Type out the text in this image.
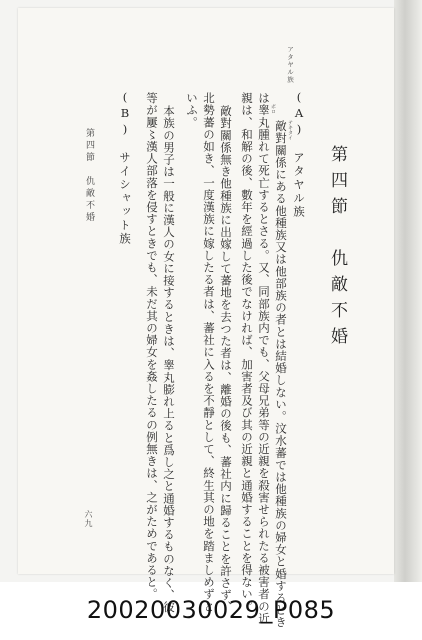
第四節　仇敵不婚

(A)　アタヤル族

敵對關係にある他種族又は他部族の者とは結婚しない。汶水蕃では他種族の婦女と婚するとき テキタイ

は睾丸腫れて死亡するとさる。又、同部族内でも、父母兄弟等の近親を殺害せられたる被害者の近 ボロ

親は、和解の後、數年を經過した後でなければ、加害者及び其の近親と通婚することを得ない。

敵對關係無き他種族に出嫁して蕃地を去つた者は、離婚の後も、蕃社内に歸ることを許さず、

北勢蕃の如き、一度漢族に嫁したる者は、蕃社に入るを不靜として、終生其の地を踏ましめずと

いふ。

(B)　サイシャット族	本族の男子は一般に漢人の女に接するときは、睾丸膨れ上ると爲し之と通婚するものなく、彼

等が屢〻漢人部落を侵すときでも、未だ其の婦女を姦したるの例無きは、之がためであると。

アタヤル族

第四節　仇敵不婚

六九

20020030029_P085
